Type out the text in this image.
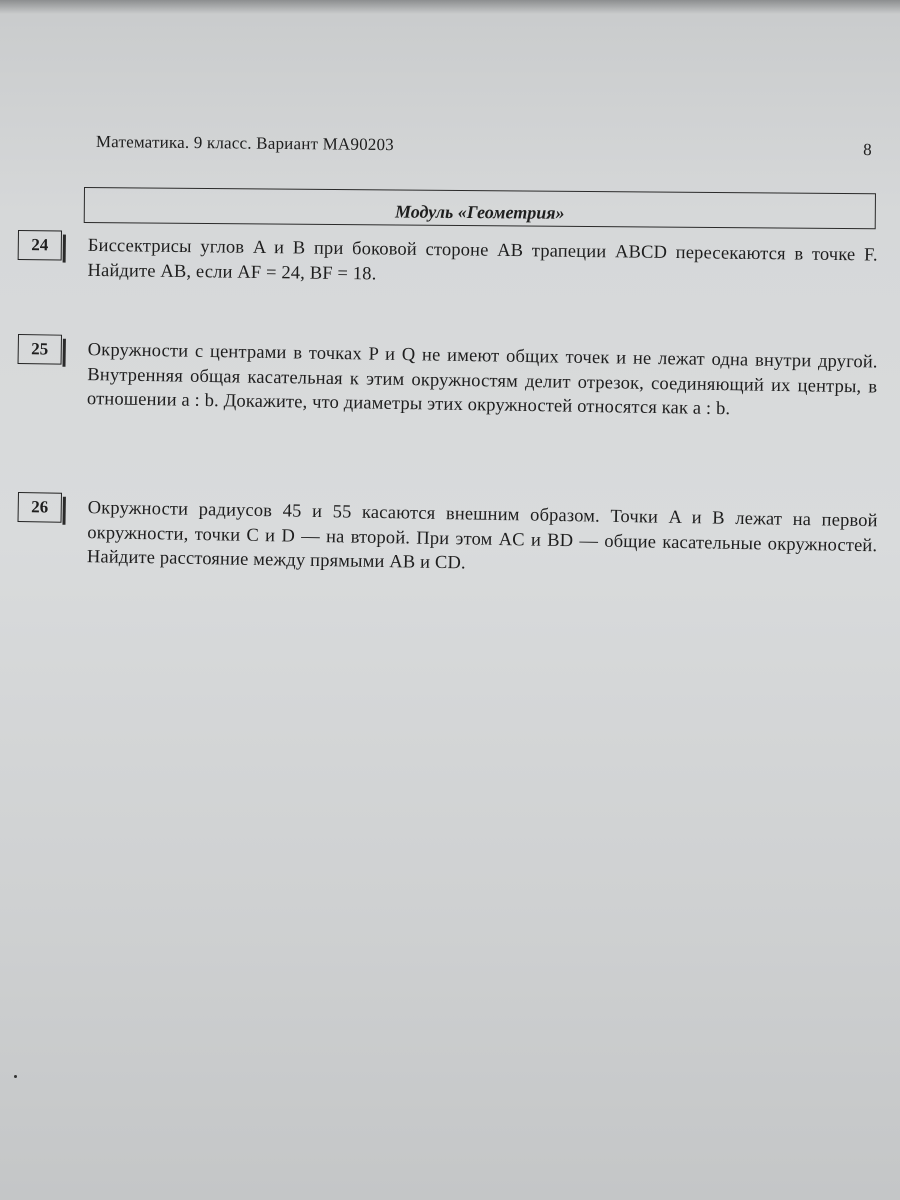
Математика. 9 класс. Вариант МА90203	8
Модуль «Геометрия»
24	Биссектрисы углов A и B при боковой стороне AB трапеции ABCD пересекаются в точке F. Найдите AB, если AF = 24, BF = 18.
25	Окружности с центрами в точках P и Q не имеют общих точек и не лежат одна внутри другой. Внутренняя общая касательная к этим окружностям делит отрезок, соединяющий их центры, в отношении a : b. Докажите, что диаметры этих окружностей относятся как a : b.
26	Окружности радиусов 45 и 55 касаются внешним образом. Точки A и B лежат на первой окружности, точки C и D — на второй. При этом AC и BD — общие касательные окружностей. Найдите расстояние между прямыми AB и CD.
